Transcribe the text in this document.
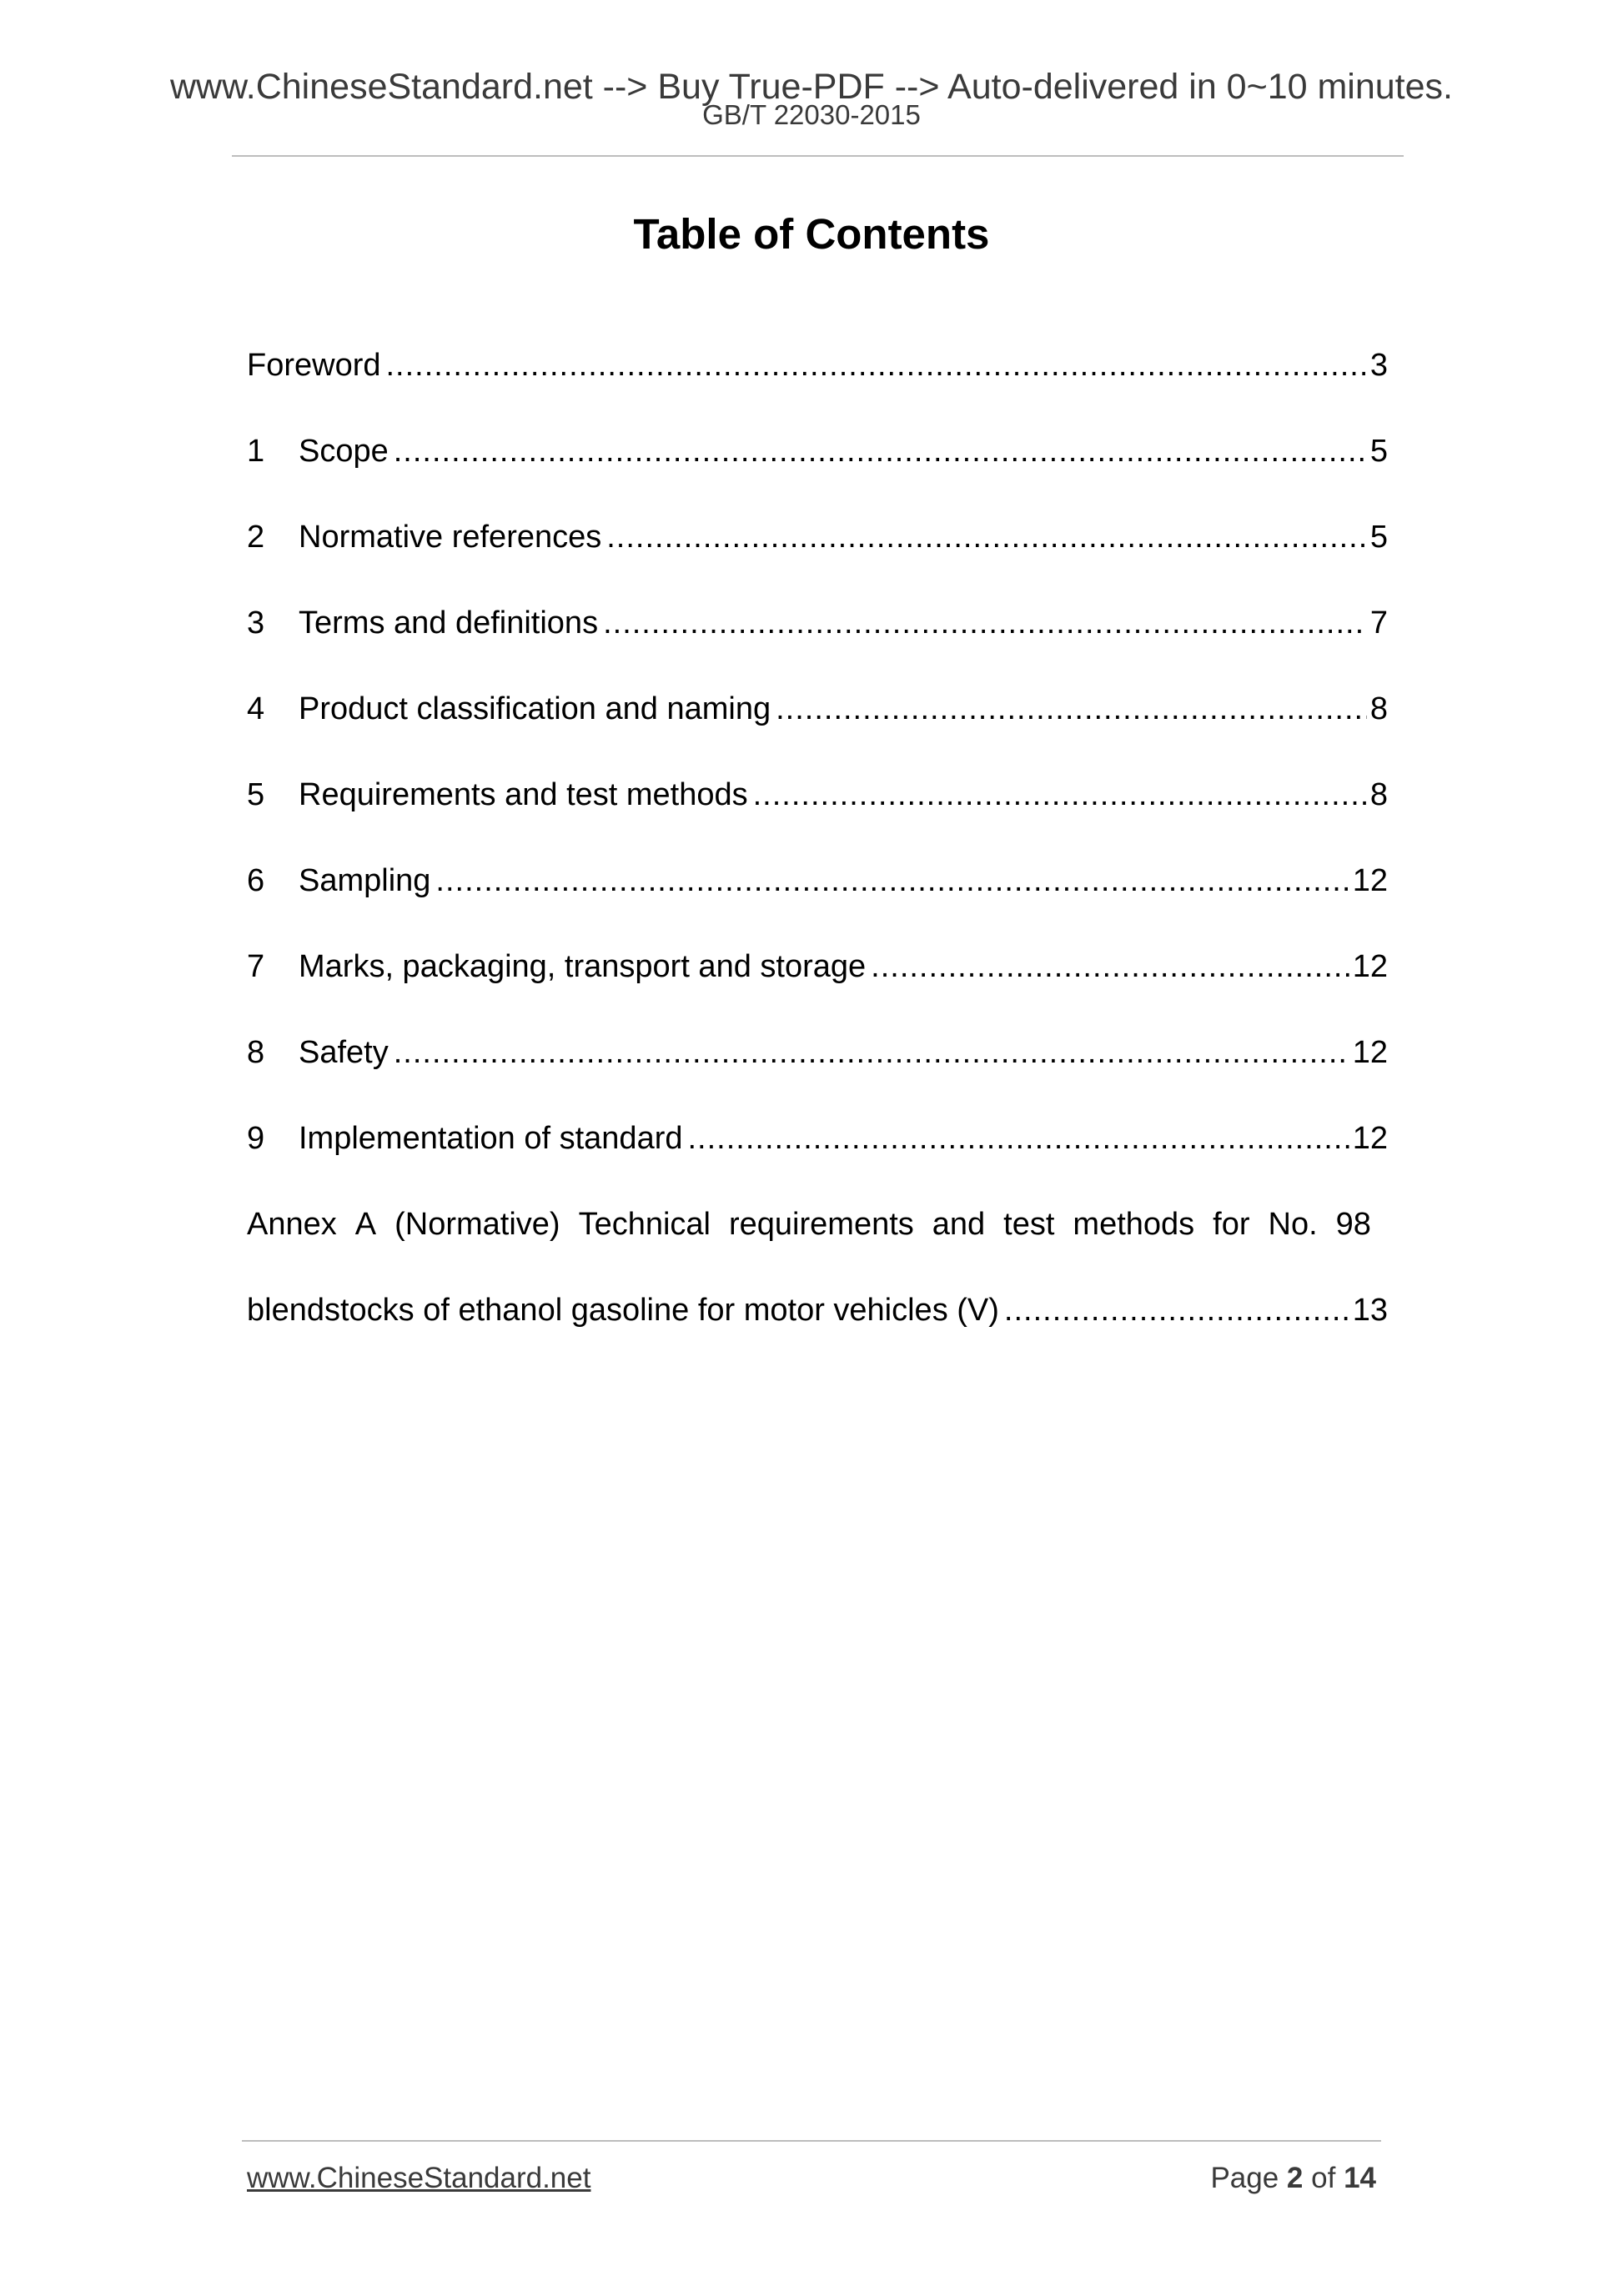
www.ChineseStandard.net --> Buy True-PDF --> Auto-delivered in 0~10 minutes.
GB/T 22030-2015
Table of Contents
Foreword .....	3
1	Scope .....	5
2	Normative references .....	5
3	Terms and definitions .....	7
4	Product classification and naming .....	8
5	Requirements and test methods .....	8
6	Sampling .....	12
7	Marks, packaging, transport and storage .....	12
8	Safety .....	12
9	Implementation of standard .....	12
Annex A (Normative) Technical requirements and test methods for No. 98
blendstocks of ethanol gasoline for motor vehicles (V) .....	13
www.ChineseStandard.net	Page 2 of 14
